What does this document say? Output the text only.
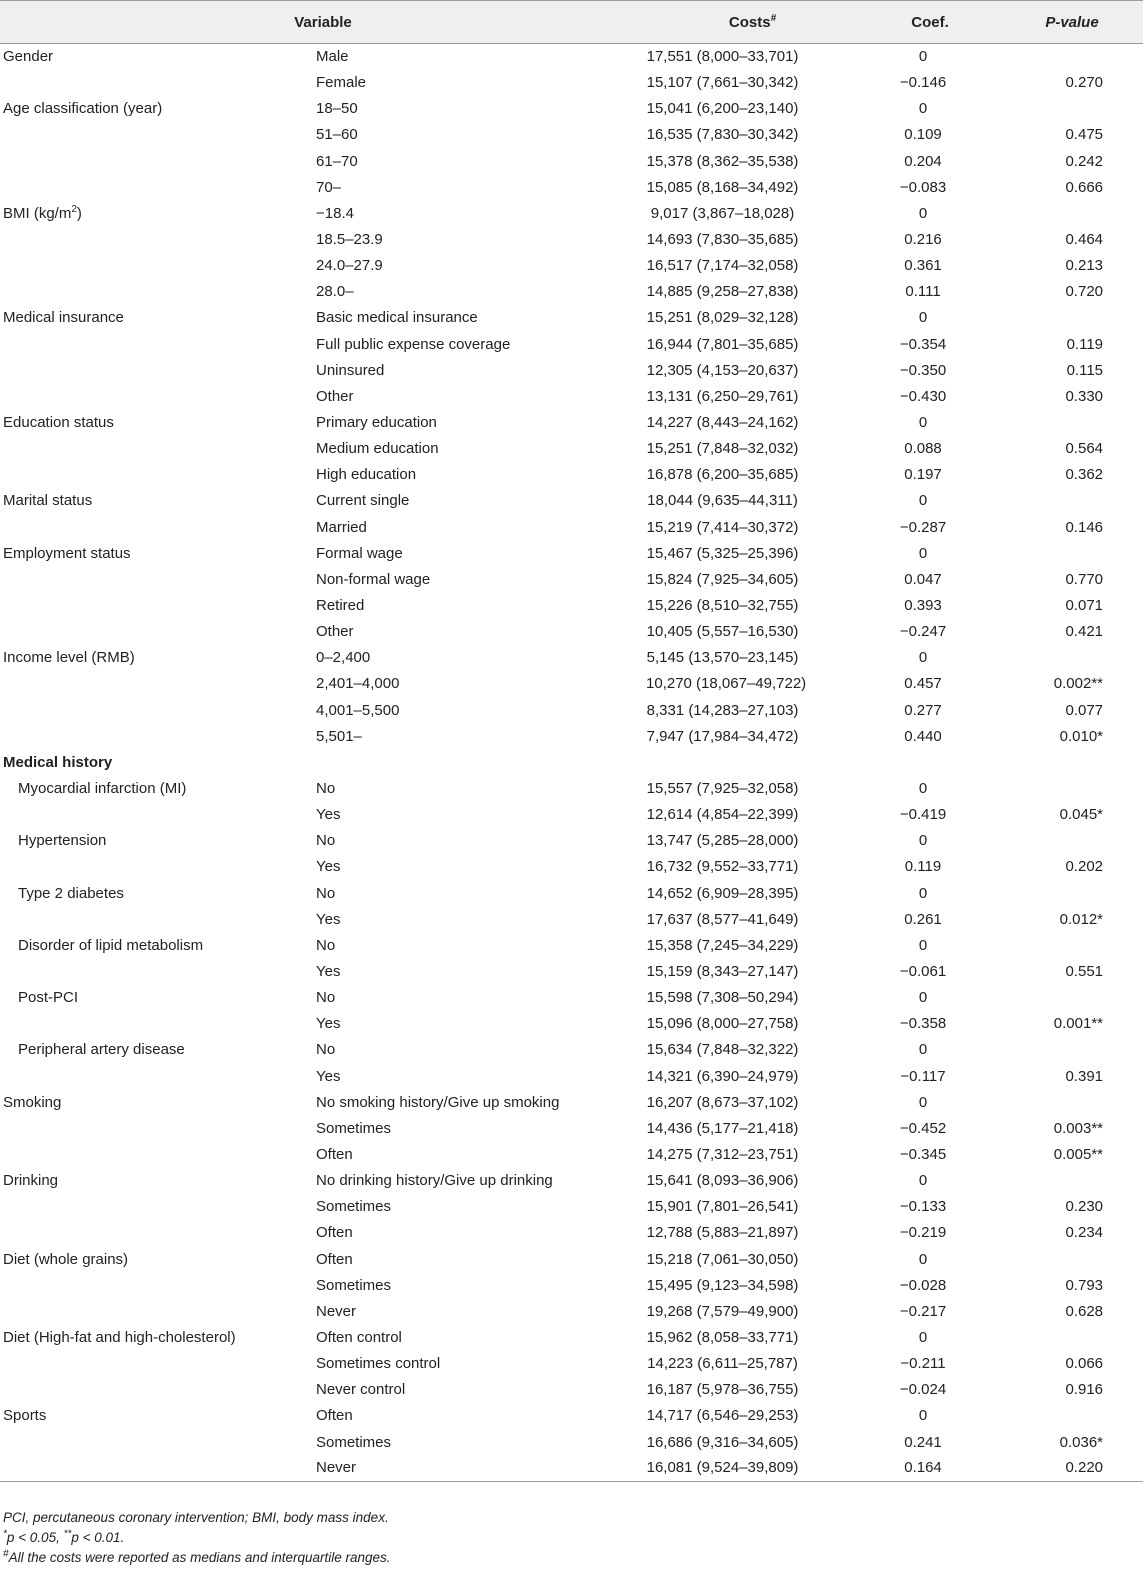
Variable		Costs#	Coef.	P-value
Gender	Male	17,551 (8,000–33,701)	0	
	Female	15,107 (7,661–30,342)	−0.146	0.270
Age classification (year)	18–50	15,041 (6,200–23,140)	0	
	51–60	16,535 (7,830–30,342)	0.109	0.475
	61–70	15,378 (8,362–35,538)	0.204	0.242
	70–	15,085 (8,168–34,492)	−0.083	0.666
BMI $(kg/m^2)$	−18.4	9,017 (3,867–18,028)	0	
	18.5–23.9	14,693 (7,830–35,685)	0.216	0.464
	24.0–27.9	16,517 (7,174–32,058)	0.361	0.213
	28.0–	14,885 (9,258–27,838)	0.111	0.720
Medical insurance	Basic medical insurance	15,251 (8,029–32,128)	0	
	Full public expense coverage	16,944 (7,801–35,685)	−0.354	0.119
	Uninsured	12,305 (4,153–20,637)	−0.350	0.115
	Other	13,131 (6,250–29,761)	−0.430	0.330
Education status	Primary education	14,227 (8,443–24,162)	0	
	Medium education	15,251 (7,848–32,032)	0.088	0.564
	High education	16,878 (6,200–35,685)	0.197	0.362
Marital status	Current single	18,044 (9,635–44,311)	0	
	Married	15,219 (7,414–30,372)	−0.287	0.146
Employment status	Formal wage	15,467 (5,325–25,396)	0	
	Non-formal wage	15,824 (7,925–34,605)	0.047	0.770
	Retired	15,226 (8,510–32,755)	0.393	0.071
	Other	10,405 (5,557–16,530)	−0.247	0.421
Income level (RMB)	0–2,400	5,145 (13,570–23,145)	0	
	2,401–4,000	10,270 (18,067–49,722)	0.457	0.002**
	4,001–5,500	8,331 (14,283–27,103)	0.277	0.077
	5,501–	7,947 (17,984–34,472)	0.440	0.010*
Medical history				
Myocardial infarction (MI)	No	15,557 (7,925–32,058)	0	
	Yes	12,614 (4,854–22,399)	−0.419	0.045*
Hypertension	No	13,747 (5,285–28,000)	0	
	Yes	16,732 (9,552–33,771)	0.119	0.202
Type 2 diabetes	No	14,652 (6,909–28,395)	0	
	Yes	17,637 (8,577–41,649)	0.261	0.012*
Disorder of lipid metabolism	No	15,358 (7,245–34,229)	0	
	Yes	15,159 (8,343–27,147)	−0.061	0.551
Post-PCI	No	15,598 (7,308–50,294)	0	
	Yes	15,096 (8,000–27,758)	−0.358	0.001**
Peripheral artery disease	No	15,634 (7,848–32,322)	0	
	Yes	14,321 (6,390–24,979)	−0.117	0.391
Smoking	No smoking history/Give up smoking	16,207 (8,673–37,102)	0	
	Sometimes	14,436 (5,177–21,418)	−0.452	0.003**
	Often	14,275 (7,312–23,751)	−0.345	0.005**
Drinking	No drinking history/Give up drinking	15,641 (8,093–36,906)	0	
	Sometimes	15,901 (7,801–26,541)	−0.133	0.230
	Often	12,788 (5,883–21,897)	−0.219	0.234
Diet (whole grains)	Often	15,218 (7,061–30,050)	0	
	Sometimes	15,495 (9,123–34,598)	−0.028	0.793
	Never	19,268 (7,579–49,900)	−0.217	0.628
Diet (High-fat and high-cholesterol)	Often control	15,962 (8,058–33,771)	0	
	Sometimes control	14,223 (6,611–25,787)	−0.211	0.066
	Never control	16,187 (5,978–36,755)	−0.024	0.916
Sports	Often	14,717 (6,546–29,253)	0	
	Sometimes	16,686 (9,316–34,605)	0.241	0.036*
	Never	16,081 (9,524–39,809)	0.164	0.220
PCI, percutaneous coronary intervention; BMI, body mass index.
*p < 0.05, **p < 0.01.
#All the costs were reported as medians and interquartile ranges.
